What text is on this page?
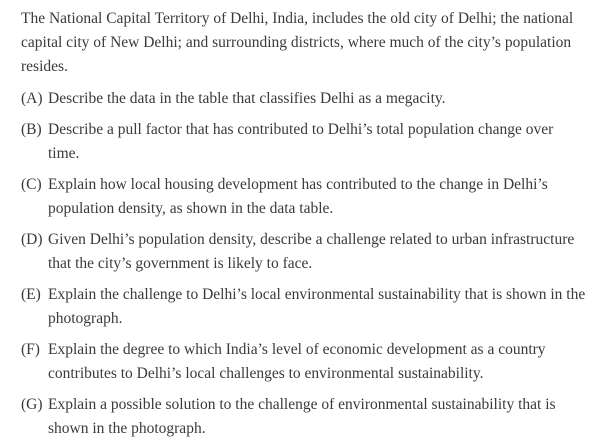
The National Capital Territory of Delhi, India, includes the old city of Delhi; the national capital city of New Delhi; and surrounding districts, where much of the city’s population resides.

(A) Describe the data in the table that classifies Delhi as a megacity.
(B) Describe a pull factor that has contributed to Delhi’s total population change over time.
(C) Explain how local housing development has contributed to the change in Delhi’s population density, as shown in the data table.
(D) Given Delhi’s population density, describe a challenge related to urban infrastructure that the city’s government is likely to face.
(E) Explain the challenge to Delhi’s local environmental sustainability that is shown in the photograph.
(F) Explain the degree to which India’s level of economic development as a country contributes to Delhi’s local challenges to environmental sustainability.
(G) Explain a possible solution to the challenge of environmental sustainability that is shown in the photograph.
